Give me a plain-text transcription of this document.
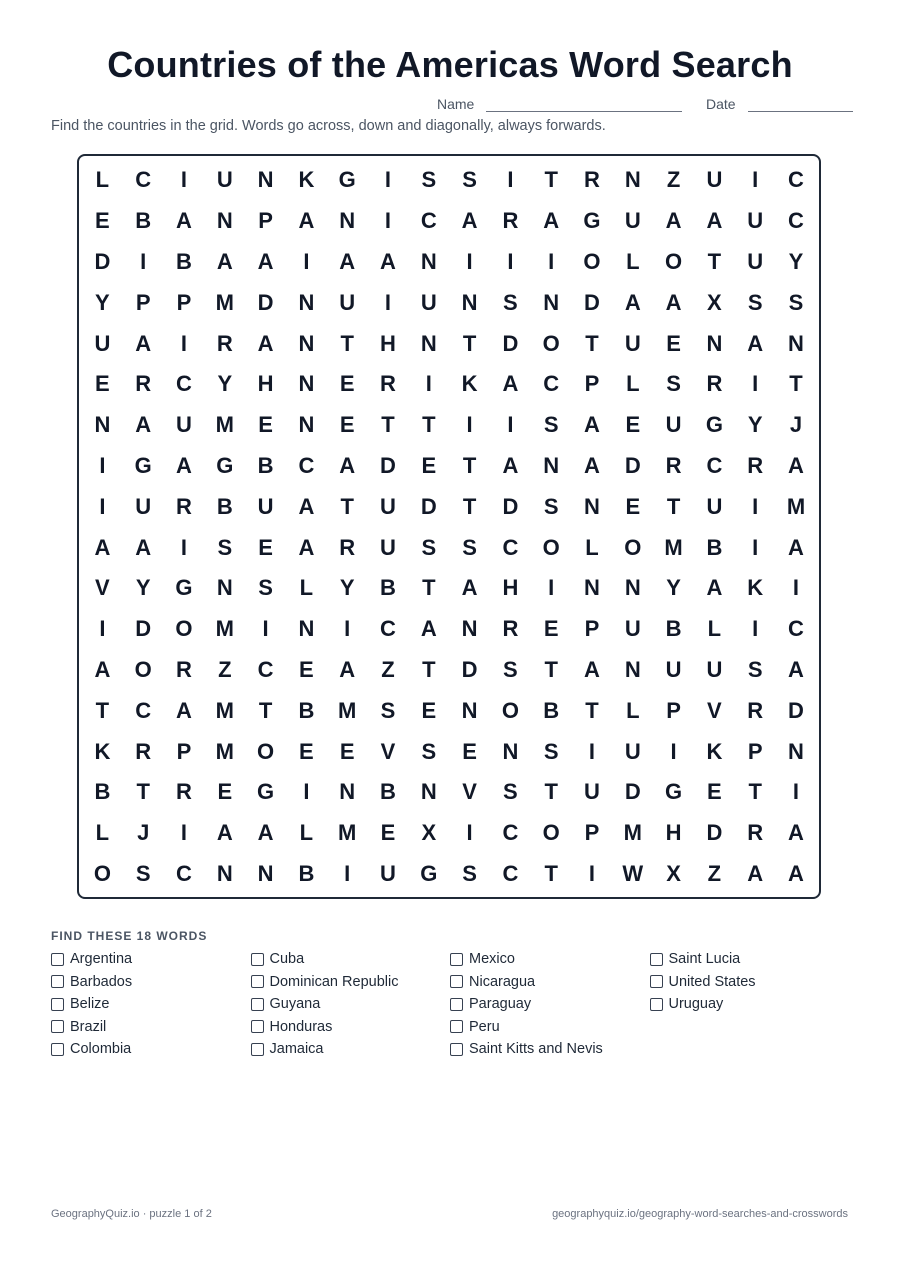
Countries of the Americas Word Search
Name	Date
Find the countries in the grid. Words go across, down and diagonally, always forwards.
L	C	I	U	N	K	G	I	S	S	I	T	R	N	Z	U	I	C
E	B	A	N	P	A	N	I	C	A	R	A	G	U	A	A	U	C
D	I	B	A	A	I	A	A	N	I	I	I	O	L	O	T	U	Y
Y	P	P	M	D	N	U	I	U	N	S	N	D	A	A	X	S	S
U	A	I	R	A	N	T	H	N	T	D	O	T	U	E	N	A	N
E	R	C	Y	H	N	E	R	I	K	A	C	P	L	S	R	I	T
N	A	U	M	E	N	E	T	T	I	I	S	A	E	U	G	Y	J
I	G	A	G	B	C	A	D	E	T	A	N	A	D	R	C	R	A
I	U	R	B	U	A	T	U	D	T	D	S	N	E	T	U	I	M
A	A	I	S	E	A	R	U	S	S	C	O	L	O	M	B	I	A
V	Y	G	N	S	L	Y	B	T	A	H	I	N	N	Y	A	K	I
I	D	O	M	I	N	I	C	A	N	R	E	P	U	B	L	I	C
A	O	R	Z	C	E	A	Z	T	D	S	T	A	N	U	U	S	A
T	C	A	M	T	B	M	S	E	N	O	B	T	L	P	V	R	D
K	R	P	M	O	E	E	V	S	E	N	S	I	U	I	K	P	N
B	T	R	E	G	I	N	B	N	V	S	T	U	D	G	E	T	I
L	J	I	A	A	L	M	E	X	I	C	O	P	M	H	D	R	A
O	S	C	N	N	B	I	U	G	S	C	T	I	W	X	Z	A	A
FIND THESE 18 WORDS
Argentina
Barbados
Belize
Brazil
Colombia
Cuba
Dominican Republic
Guyana
Honduras
Jamaica
Mexico
Nicaragua
Paraguay
Peru
Saint Kitts and Nevis
Saint Lucia
United States
Uruguay
GeographyQuiz.io · puzzle 1 of 2	geographyquiz.io/geography-word-searches-and-crosswords
